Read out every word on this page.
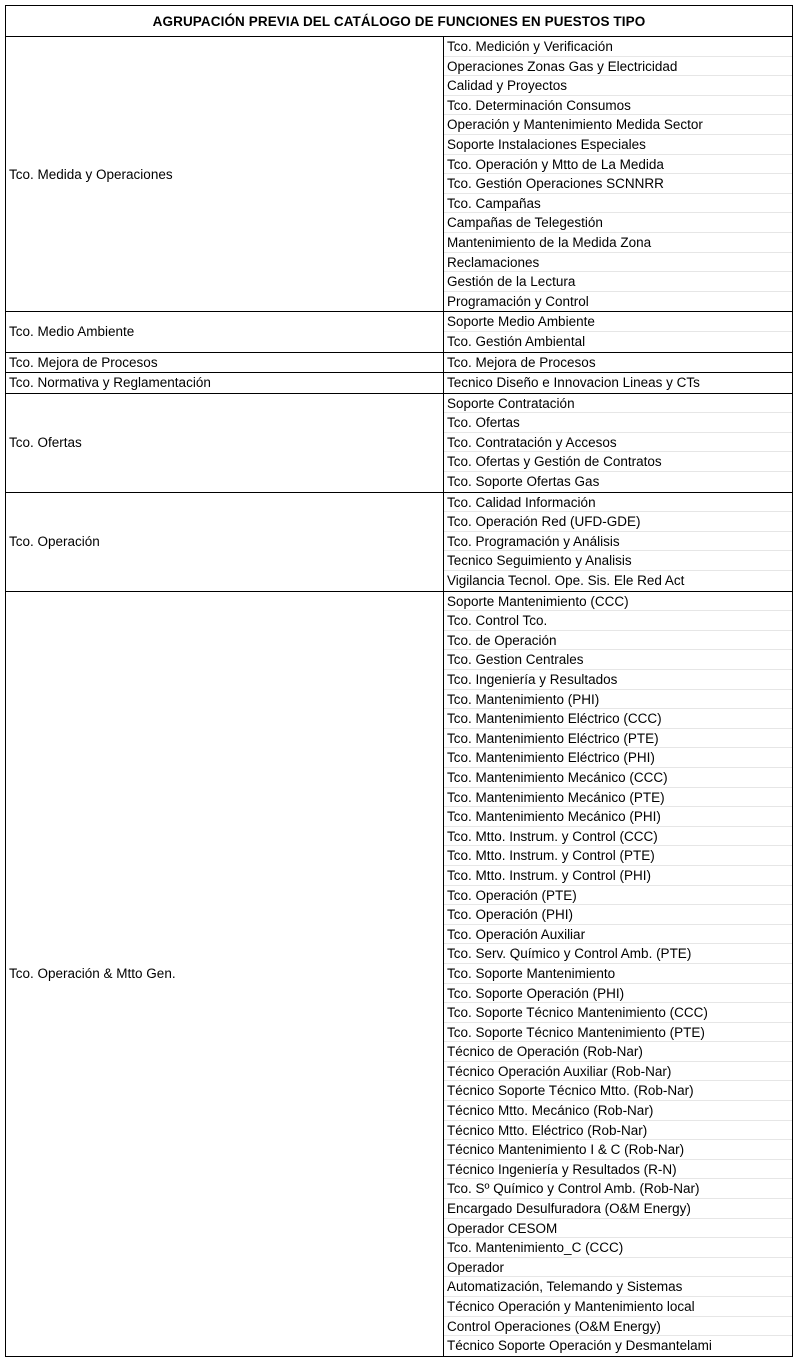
AGRUPACIÓN PREVIA DEL CATÁLOGO DE FUNCIONES EN PUESTOS TIPO
Tco. Medida y Operaciones
Tco. Medición y Verificación
Operaciones Zonas Gas y Electricidad
Calidad y Proyectos
Tco. Determinación Consumos
Operación y Mantenimiento Medida Sector
Soporte Instalaciones Especiales
Tco. Operación y Mtto de La Medida
Tco. Gestión Operaciones SCNNRR
Tco. Campañas
Campañas de Telegestión
Mantenimiento de la Medida Zona
Reclamaciones
Gestión de la Lectura
Programación y Control
Tco. Medio Ambiente
Soporte Medio Ambiente
Tco. Gestión Ambiental
Tco. Mejora de Procesos	Tco. Mejora de Procesos
Tco. Normativa y Reglamentación	Tecnico Diseño e Innovacion Lineas y CTs
Tco. Ofertas
Soporte Contratación
Tco. Ofertas
Tco. Contratación y Accesos
Tco. Ofertas y Gestión de Contratos
Tco. Soporte Ofertas Gas
Tco. Operación
Tco. Calidad Información
Tco. Operación Red (UFD-GDE)
Tco. Programación y Análisis
Tecnico Seguimiento y Analisis
Vigilancia Tecnol. Ope. Sis. Ele Red Act
Tco. Operación & Mtto Gen.
Soporte Mantenimiento (CCC)
Tco. Control Tco.
Tco. de Operación
Tco. Gestion Centrales
Tco. Ingeniería y Resultados
Tco. Mantenimiento (PHI)
Tco. Mantenimiento Eléctrico (CCC)
Tco. Mantenimiento Eléctrico (PTE)
Tco. Mantenimiento Eléctrico (PHI)
Tco. Mantenimiento Mecánico (CCC)
Tco. Mantenimiento Mecánico (PTE)
Tco. Mantenimiento Mecánico (PHI)
Tco. Mtto. Instrum. y Control (CCC)
Tco. Mtto. Instrum. y Control (PTE)
Tco. Mtto. Instrum. y Control (PHI)
Tco. Operación (PTE)
Tco. Operación (PHI)
Tco. Operación Auxiliar
Tco. Serv. Químico y Control Amb. (PTE)
Tco. Soporte Mantenimiento
Tco. Soporte Operación (PHI)
Tco. Soporte Técnico Mantenimiento (CCC)
Tco. Soporte Técnico Mantenimiento (PTE)
Técnico de Operación (Rob-Nar)
Técnico Operación Auxiliar (Rob-Nar)
Técnico Soporte Técnico Mtto. (Rob-Nar)
Técnico Mtto. Mecánico (Rob-Nar)
Técnico Mtto. Eléctrico (Rob-Nar)
Técnico Mantenimiento I & C (Rob-Nar)
Técnico Ingeniería y Resultados (R-N)
Tco. Sº Químico y Control Amb. (Rob-Nar)
Encargado Desulfuradora (O&M Energy)
Operador CESOM
Tco. Mantenimiento_C (CCC)
Operador
Automatización, Telemando y Sistemas
Técnico Operación y Mantenimiento local
Control Operaciones (O&M Energy)
Técnico Soporte Operación y Desmantelami
